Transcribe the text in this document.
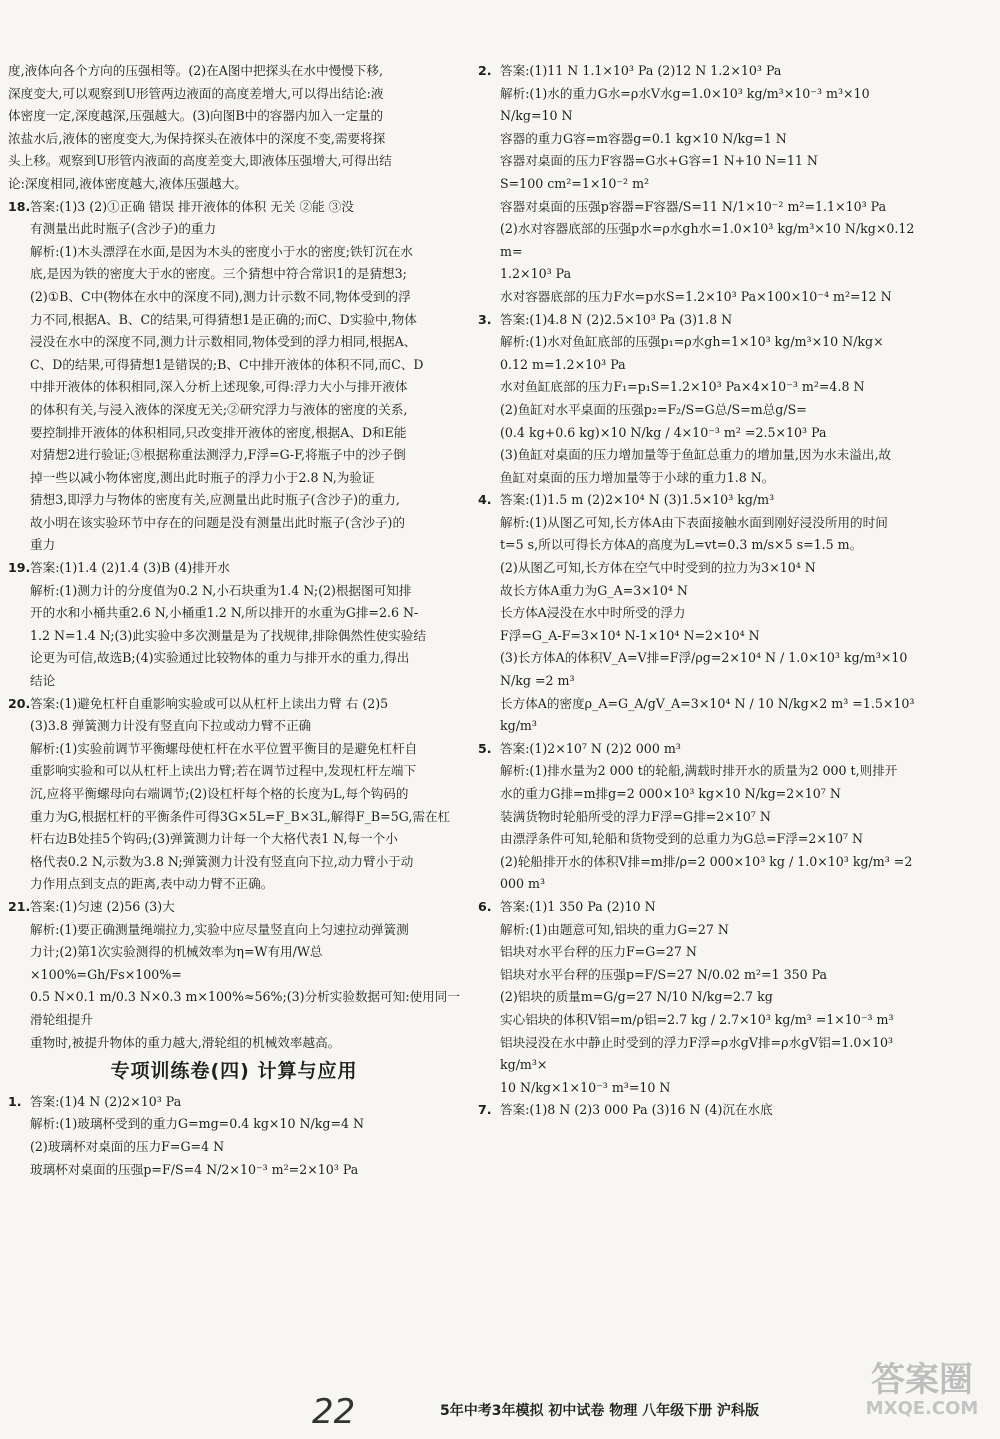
度,液体向各个方向的压强相等。(2)在A图中把探头在水中慢慢下移,
深度变大,可以观察到U形管两边液面的高度差增大,可以得出结论:液
体密度一定,深度越深,压强越大。(3)向图B中的容器内加入一定量的
浓盐水后,液体的密度变大,为保持探头在液体中的深度不变,需要将探
头上移。观察到U形管内液面的高度差变大,即液体压强增大,可得出结
论:深度相同,液体密度越大,液体压强越大。
18. 答案:(1)3 (2)①正确 错误 排开液体的体积 无关 ②能 ③没
有测量出此时瓶子(含沙子)的重力
解析:(1)木头漂浮在水面,是因为木头的密度小于水的密度;铁钉沉在水
底,是因为铁的密度大于水的密度。三个猜想中符合常识1的是猜想3;
(2)①B、C中(物体在水中的深度不同),测力计示数不同,物体受到的浮
力不同,根据A、B、C的结果,可得猜想1是正确的;而C、D实验中,物体
浸没在水中的深度不同,测力计示数相同,物体受到的浮力相同,根据A、
C、D的结果,可得猜想1是错误的;B、C中排开液体的体积不同,而C、D
中排开液体的体积相同,深入分析上述现象,可得:浮力大小与排开液体
的体积有关,与浸入液体的深度无关;②研究浮力与液体的密度的关系,
要控制排开液体的体积相同,只改变排开液体的密度,根据A、D和E能
对猜想2进行验证;③根据称重法测浮力,F浮=G-F,将瓶子中的沙子倒
掉一些以减小物体密度,测出此时瓶子的浮力小于2.8 N,为验证
猜想3,即浮力与物体的密度有关,应测量出此时瓶子(含沙子)的重力,
故小明在该实验环节中存在的问题是没有测量出此时瓶子(含沙子)的
重力
19. 答案:(1)1.4 (2)1.4 (3)B (4)排开水
解析:(1)测力计的分度值为0.2 N,小石块重为1.4 N;(2)根据图可知排
开的水和小桶共重2.6 N,小桶重1.2 N,所以排开的水重为G排=2.6 N-
1.2 N=1.4 N;(3)此实验中多次测量是为了找规律,排除偶然性使实验结
论更为可信,故选B;(4)实验通过比较物体的重力与排开水的重力,得出
结论
20. 答案:(1)避免杠杆自重影响实验或可以从杠杆上读出力臂 右 (2)5
(3)3.8 弹簧测力计没有竖直向下拉或动力臂不正确
解析:(1)实验前调节平衡螺母使杠杆在水平位置平衡目的是避免杠杆自
重影响实验和可以从杠杆上读出力臂;若在调节过程中,发现杠杆左端下
沉,应将平衡螺母向右端调节;(2)设杠杆每个格的长度为L,每个钩码的
重力为G,根据杠杆的平衡条件可得3G×5L=F_B×3L,解得F_B=5G,需在杠
杆右边B处挂5个钩码;(3)弹簧测力计每一个大格代表1 N,每一个小
格代表0.2 N,示数为3.8 N;弹簧测力计没有竖直向下拉,动力臂小于动
力作用点到支点的距离,表中动力臂不正确。
21. 答案:(1)匀速 (2)56 (3)大
解析:(1)要正确测量绳端拉力,实验中应尽量竖直向上匀速拉动弹簧测
力计;(2)第1次实验测得的机械效率为η=W有用/W总×100%=Gh/Fs×100%=
0.5 N×0.1 m/0.3 N×0.3 m×100%≈56%;(3)分析实验数据可知:使用同一滑轮组提升
重物时,被提升物体的重力越大,滑轮组的机械效率越高。
专项训练卷(四) 计算与应用
1. 答案:(1)4 N (2)2×10³ Pa
解析:(1)玻璃杯受到的重力G=mg=0.4 kg×10 N/kg=4 N
(2)玻璃杯对桌面的压力F=G=4 N
玻璃杯对桌面的压强p=F/S=4 N/2×10⁻³ m²=2×10³ Pa
2. 答案:(1)11 N 1.1×10³ Pa (2)12 N 1.2×10³ Pa
解析:(1)水的重力G水=ρ水V水g=1.0×10³ kg/m³×10⁻³ m³×10 N/kg=10 N
容器的重力G容=m容器g=0.1 kg×10 N/kg=1 N
容器对桌面的压力F容器=G水+G容=1 N+10 N=11 N
S=100 cm²=1×10⁻² m²
容器对桌面的压强p容器=F容器/S=11 N/1×10⁻² m²=1.1×10³ Pa
(2)水对容器底部的压强p水=ρ水gh水=1.0×10³ kg/m³×10 N/kg×0.12 m=
1.2×10³ Pa
水对容器底部的压力F水=p水S=1.2×10³ Pa×100×10⁻⁴ m²=12 N
3. 答案:(1)4.8 N (2)2.5×10³ Pa (3)1.8 N
解析:(1)水对鱼缸底部的压强p₁=ρ水gh=1×10³ kg/m³×10 N/kg×
0.12 m=1.2×10³ Pa
水对鱼缸底部的压力F₁=p₁S=1.2×10³ Pa×4×10⁻³ m²=4.8 N
(2)鱼缸对水平桌面的压强p₂=F₂/S=G总/S=m总g/S=
(0.4 kg+0.6 kg)×10 N/kg / 4×10⁻³ m² =2.5×10³ Pa
(3)鱼缸对桌面的压力增加量等于鱼缸总重力的增加量,因为水未溢出,故
鱼缸对桌面的压力增加量等于小球的重力1.8 N。
4. 答案:(1)1.5 m (2)2×10⁴ N (3)1.5×10³ kg/m³
解析:(1)从图乙可知,长方体A由下表面接触水面到刚好浸没所用的时间
t=5 s,所以可得长方体A的高度为L=vt=0.3 m/s×5 s=1.5 m。
(2)从图乙可知,长方体在空气中时受到的拉力为3×10⁴ N
故长方体A重力为G_A=3×10⁴ N
长方体A浸没在水中时所受的浮力
F浮=G_A-F=3×10⁴ N-1×10⁴ N=2×10⁴ N
(3)长方体A的体积V_A=V排=F浮/ρg=2×10⁴ N / 1.0×10³ kg/m³×10 N/kg =2 m³
长方体A的密度ρ_A=G_A/gV_A=3×10⁴ N / 10 N/kg×2 m³ =1.5×10³ kg/m³
5. 答案:(1)2×10⁷ N (2)2 000 m³
解析:(1)排水量为2 000 t的轮船,满载时排开水的质量为2 000 t,则排开
水的重力G排=m排g=2 000×10³ kg×10 N/kg=2×10⁷ N
装满货物时轮船所受的浮力F浮=G排=2×10⁷ N
由漂浮条件可知,轮船和货物受到的总重力为G总=F浮=2×10⁷ N
(2)轮船排开水的体积V排=m排/ρ=2 000×10³ kg / 1.0×10³ kg/m³ =2 000 m³
6. 答案:(1)1 350 Pa (2)10 N
解析:(1)由题意可知,铝块的重力G=27 N
铝块对水平台秤的压力F=G=27 N
铝块对水平台秤的压强p=F/S=27 N/0.02 m²=1 350 Pa
(2)铝块的质量m=G/g=27 N/10 N/kg=2.7 kg
实心铝块的体积V铝=m/ρ铝=2.7 kg / 2.7×10³ kg/m³ =1×10⁻³ m³
铝块浸没在水中静止时受到的浮力F浮=ρ水gV排=ρ水gV铝=1.0×10³ kg/m³×
10 N/kg×1×10⁻³ m³=10 N
7. 答案:(1)8 N (2)3 000 Pa (3)16 N (4)沉在水底
22	5年中考3年模拟 初中试卷 物理 八年级下册 沪科版
答案圈
MXQE.COM
